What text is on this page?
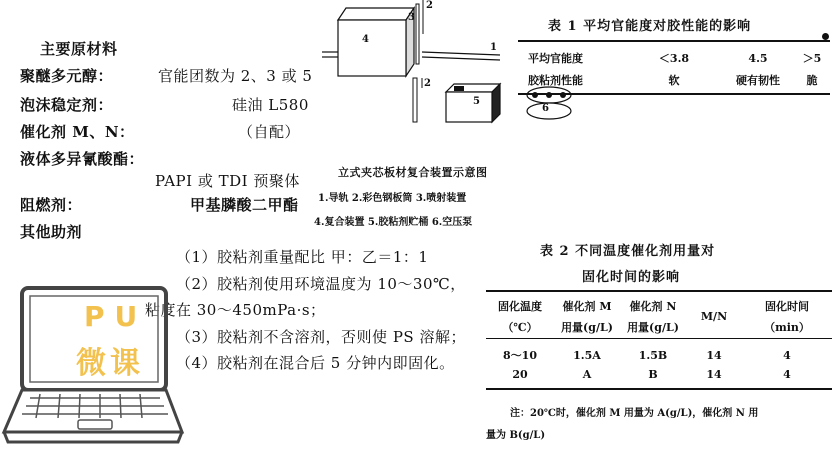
主要原材料
聚醚多元醇：	官能团数为 2、3 或 5
泡沫稳定剂：	硅油 L580
催化剂 M、N：	（自配）
液体多异氰酸酯：
PAPI 或 TDI 预聚体
阻燃剂：	甲基膦酸二甲酯
其他助剂
（1）胶粘剂重量配比 甲：乙＝1：1
（2）胶粘剂使用环境温度为 10～30℃，
粘度在 30～450mPa·s；
（3）胶粘剂不含溶剂，否则使 PS 溶解；
（4）胶粘剂在混合后 5 分钟内即固化。
PU
微课
4
3
2
1
2
5
6
立式夹芯板材复合装置示意图
1.导轨 2.彩色钢板筒 3.喷射装置
4.复合装置 5.胶粘剂贮桶 6.空压泵
表 1 平均官能度对胶性能的影响
平均官能度	＜3.8	4.5	＞5
胶粘剂性能	软	硬有韧性	脆
表 2 不同温度催化剂用量对
固化时间的影响
固化温度	催化剂 M	催化剂 N	M/N	固化时间
（℃）	用量(g/L)	用量(g/L)		（min）

8～10	1.5A	1.5B	14	4
20	A	B	14	4
注：20℃时，催化剂 M 用量为 A(g/L)，催化剂 N 用
量为 B(g/L)
